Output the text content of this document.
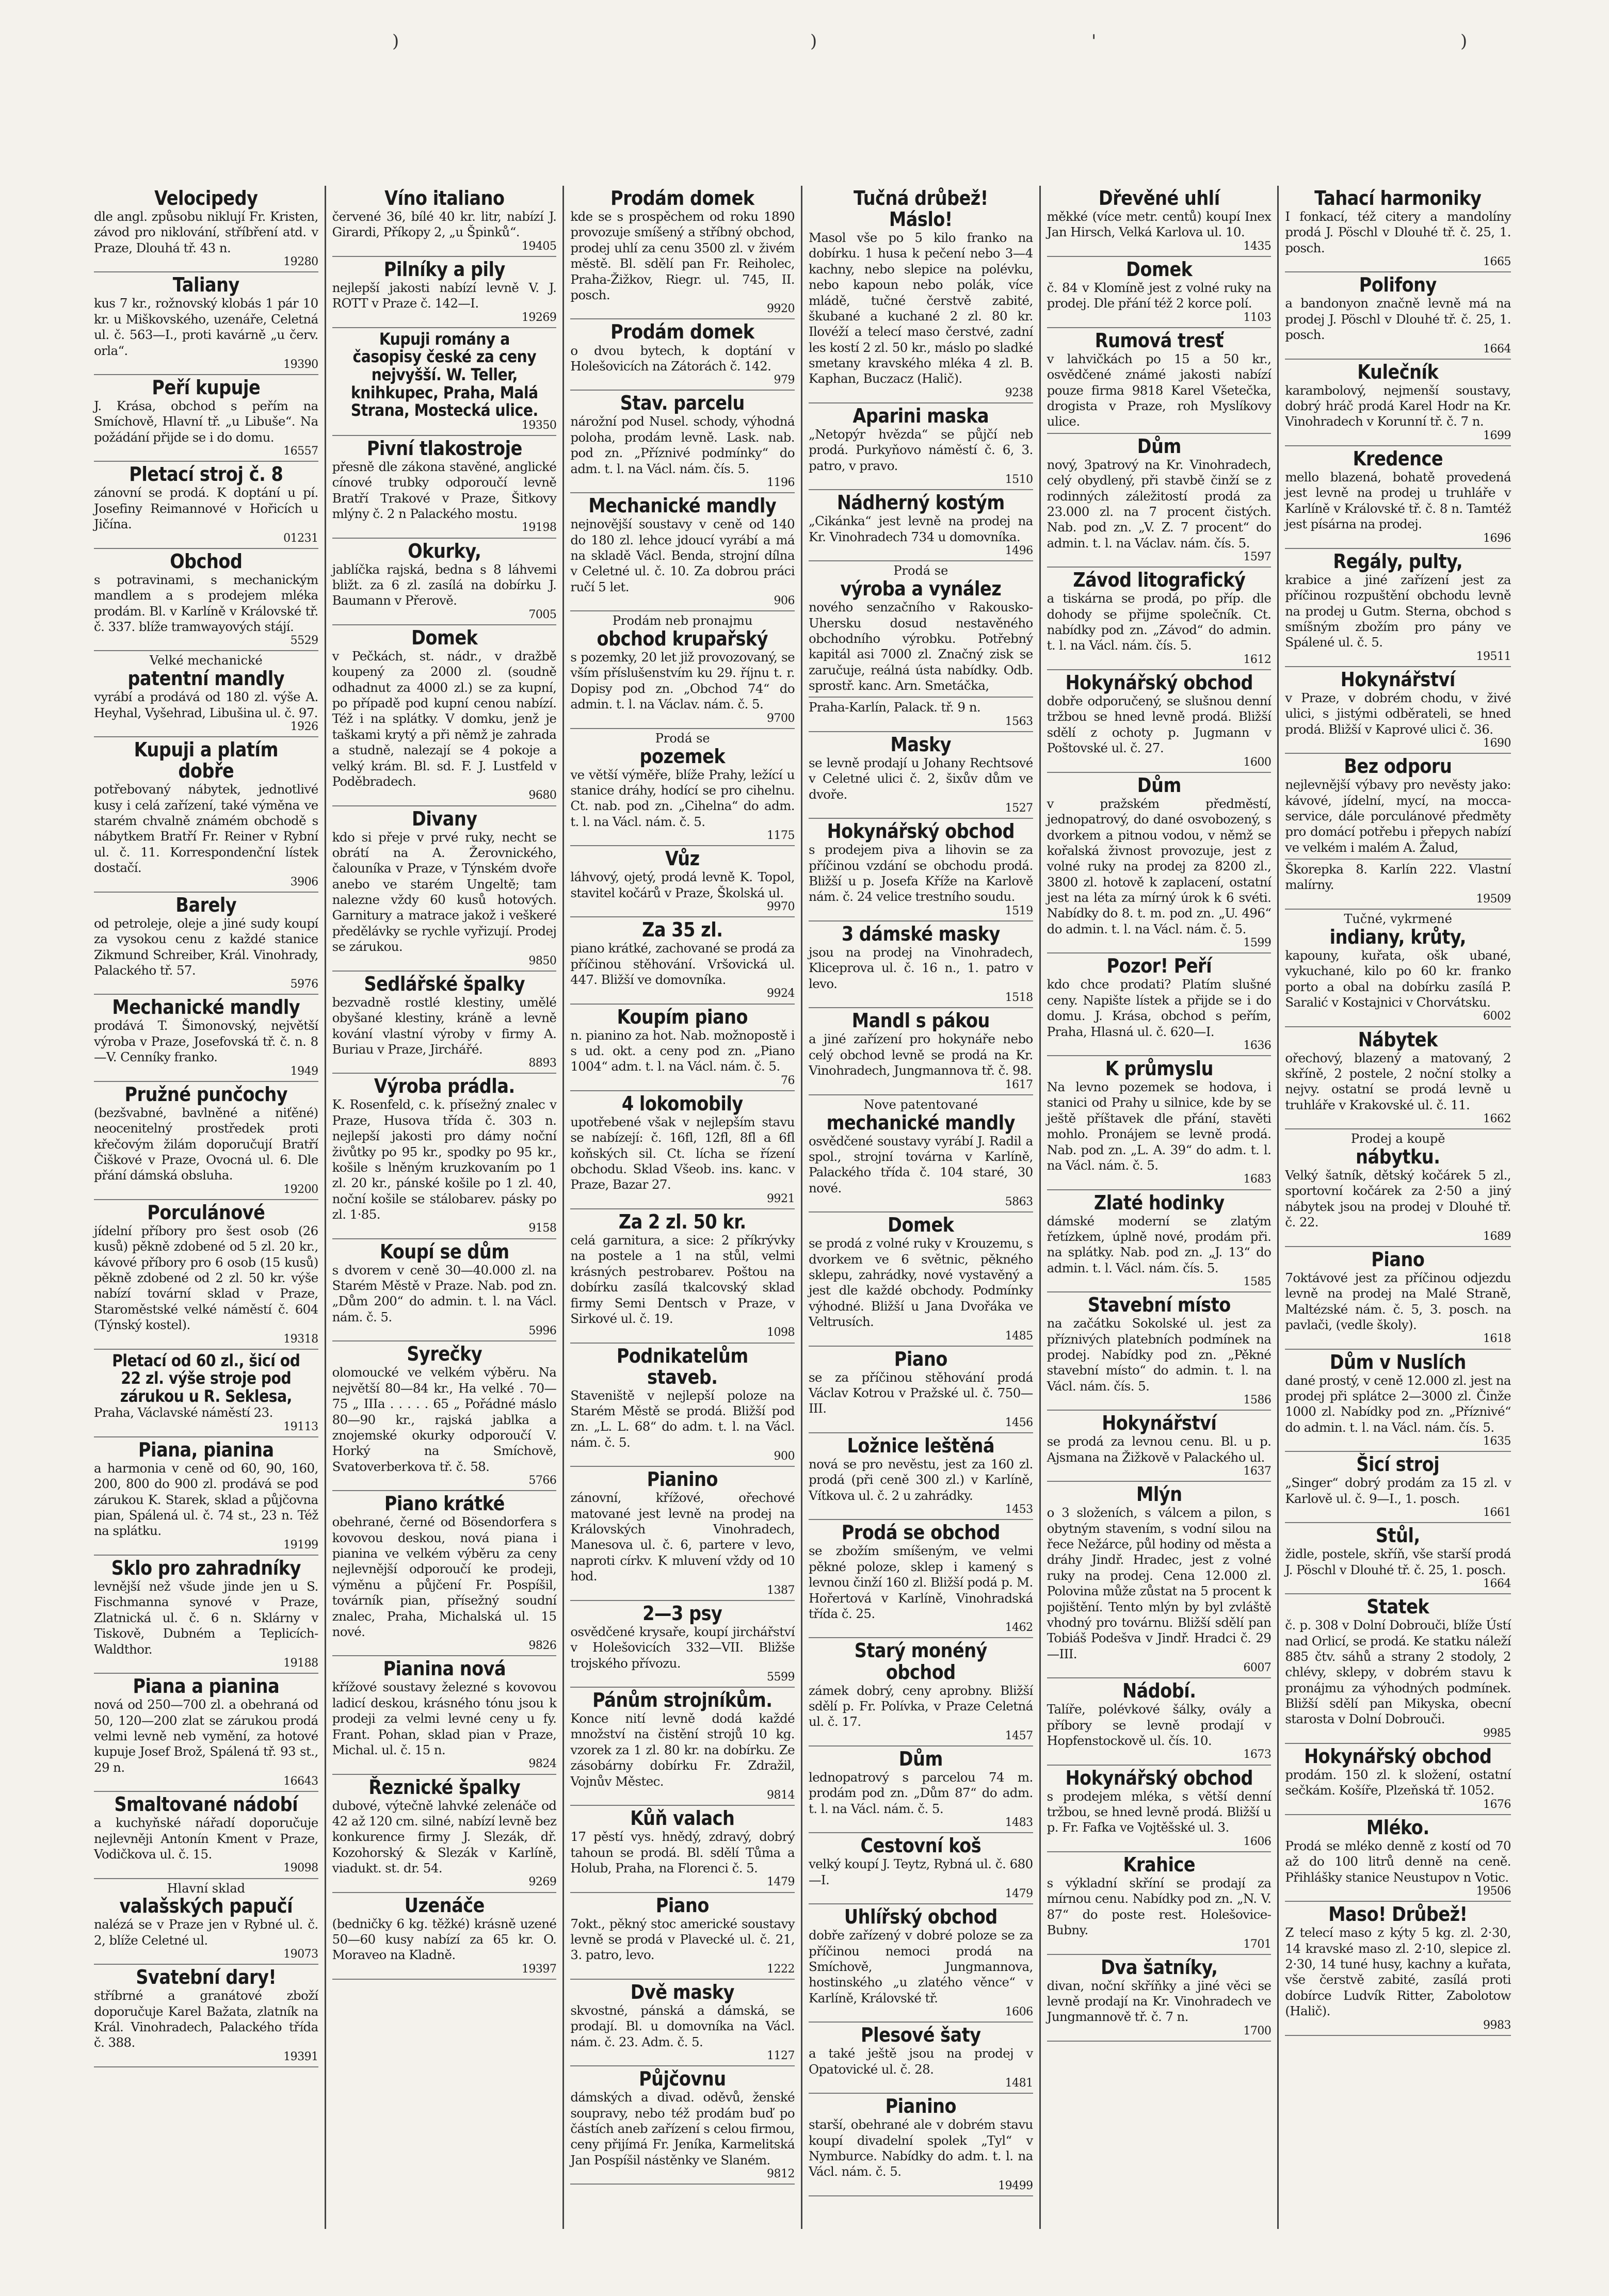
)	)	'	)
Velocipedy
dle angl. způsobu niklují Fr. Kristen, závod pro niklování, stříbření atd. v Praze, Dlouhá tř. 43 n.
19280
Taliany
kus 7 kr., rožnovský klobás 1 pár 10 kr. u Miškovského, uzenáře, Celetná ul. č. 563—I., proti kavárně „u červ. orla“.
19390
Peří kupuje
J. Krása, obchod s peřím na Smíchově, Hlavní tř. „u Libuše“. Na požádání přijde se i do domu.
16557
Pletací stroj č. 8
zánovní se prodá. K doptání u pí. Josefiny Reimannové v Hořicích u Jičína.
01231
Obchod
s potravinami, s mechanickým mandlem a s prodejem mléka prodám. Bl. v Karlíně v Královské tř. č. 337. blíže tramwayových stájí.
5529
Velké mechanické
patentní mandly
vyrábí a prodává od 180 zl. výše A. Heyhal, Vyšehrad, Libušina ul. č. 97.
1926
Kupuji a platím dobře
potřebovaný nábytek, jednotlivé kusy i celá zařízení, také výměna ve starém chvalně známém obchodě s nábytkem Bratří Fr. Reiner v Rybní ul. č. 11. Korrespondenční lístek dostačí.
3906
Barely
od petroleje, oleje a jiné sudy koupí za vysokou cenu z každé stanice Zikmund Schreiber, Král. Vinohrady, Palackého tř. 57.
5976
Mechanické mandly
prodává T. Šimonovský, největší výroba v Praze, Josefovská tř. č. n. 8—V. Cenníky franko.
1949
Pružné punčochy
(bezšvabné, bavlněné a niťěné) neocenitelný prostředek proti křečovým žilám doporučují Bratří Čiškové v Praze, Ovocná ul. 6. Dle přání dámská obsluha.
19200
Porculánové
jídelní příbory pro šest osob (26 kusů) pěkně zdobené od 5 zl. 20 kr., kávové příbory pro 6 osob (15 kusů) pěkně zdobené od 2 zl. 50 kr. výše nabízí tovární sklad v Praze, Staroměstské velké náměstí č. 604 (Týnský kostel).
19318
Pletací od 60 zl., šicí od 22 zl. výše stroje pod zárukou u R. Seklesa,
Praha, Václavské náměstí 23.
19113
Piana, pianina
a harmonia v ceně od 60, 90, 160, 200, 800 do 900 zl. prodává se pod zárukou K. Starek, sklad a půjčovna pian, Spálená ul. č. 74 st., 23 n. Též na splátku.
19199
Sklo pro zahradníky
levnější než všude jinde jen u S. Fischmanna synové v Praze, Zlatnická ul. č. 6 n. Sklárny v Tiskově, Dubném a Teplicích-Waldthor.
19188
Piana a pianina
nová od 250—700 zl. a obehraná od 50, 120—200 zlat se zárukou prodá velmi levně neb vymění, za hotové kupuje Josef Brož, Spálená tř. 93 st., 29 n.
16643
Smaltované nádobí
a kuchyňské nářadí doporučuje nejlevněji Antonín Kment v Praze, Vodičkova ul. č. 15.
19098
Hlavní sklad
valašských papučí
nalézá se v Praze jen v Rybné ul. č. 2, blíže Celetné ul.
19073
Svatební dary!
stříbrné a granátové zboží doporučuje Karel Bažata, zlatník na Král. Vinohradech, Palackého třída č. 388.
19391
Víno italiano
červené 36, bílé 40 kr. litr, nabízí J. Girardi, Příkopy 2, „u Špinků“.
19405
Pilníky a pily
nejlepší jakosti nabízí levně V. J. ROTT v Praze č. 142—I.
19269
Kupuji romány a časopisy české za ceny nejvyšší. W. Teller, knihkupec, Praha, Malá Strana, Mostecká ulice.
19350
Pivní tlakostroje
přesně dle zákona stavěné, anglické cínové trubky odporoučí levně Bratří Trakové v Praze, Šitkovy mlýny č. 2 n Palackého mostu.
19198
Okurky,
jablíčka rajská, bedna s 8 láhvemi bližt. za 6 zl. zasílá na dobírku J. Baumann v Přerově.
7005
Domek
v Pečkách, st. nádr., v dražbě koupený za 2000 zl. (soudně odhadnut za 4000 zl.) se za kupní, po případě pod kupní cenou nabízí. Též i na splátky. V domku, jenž je taškami krytý a při němž je zahrada a studně, nalezají se 4 pokoje a velký krám. Bl. sd. F. J. Lustfeld v Poděbradech.
9680
Divany
kdo si přeje v prvé ruky, necht se obrátí na A. Žerovnického, čalouníka v Praze, v Týnském dvoře anebo ve starém Ungeltě; tam nalezne vždy 60 kusů hotových. Garnitury a matrace jakož i veškeré předělávky se rychle vyřizují. Prodej se zárukou.
9850
Sedlářské špalky
bezvadně rostlé klestiny, umělé obyšané klestiny, kráně a levně kování vlastní výroby v firmy A. Buriau v Praze, Jirchářé.
8893
Výroba prádla.
K. Rosenfeld, c. k. přísežný znalec v Praze, Husova třída č. 303 n. nejlepší jakosti pro dámy noční živůtky po 95 kr., spodky po 95 kr., košile s lněným kruzkovaním po 1 zl. 20 kr., pánské košile po 1 zl. 40, noční košile se stálobarev. pásky po zl. 1·85.
9158
Koupí se dům
s dvorem v ceně 30—40.000 zl. na Starém Městě v Praze. Nab. pod zn. „Dům 200“ do admin. t. l. na Václ. nám. č. 5.
5996
Syrečky
olomoucké ve velkém výběru. Na největší 80—84 kr., Ha velké . 70—75 „ IIIa . . . . . 65 „ Pořádné máslo 80—90 kr., rajská jablka a znojemské okurky odporoučí V. Horký na Smíchově, Svatoverberkova tř. č. 58.
5766
Piano krátké
obehrané, černé od Bösendorfera s kovovou deskou, nová piana i pianina ve velkém výběru za ceny nejlevnější odporoučí ke prodeji, výměnu a půjčení Fr. Pospíšil, továrník pian, přísežný soudní znalec, Praha, Michalská ul. 15 nové.
9826
Pianina nová
křížové soustavy železné s kovovou ladicí deskou, krásného tónu jsou k prodeji za velmi levné ceny u fy. Frant. Pohan, sklad pian v Praze, Michal. ul. č. 15 n.
9824
Řeznické špalky
dubové, výtečně lahvké zelenáče od 42 až 120 cm. silné, nabízí levně bez konkurence firmy J. Slezák, dř. Kozohorský & Slezák v Karlíně, viadukt. st. dr. 54.
9269
Uzenáče
(bedničky 6 kg. těžké) krásně uzené 50—60 kusy nabízí za 65 kr. O. Moraveo na Kladně.
19397
Prodám domek
kde se s prospěchem od roku 1890 provozuje smíšený a stříbný obchod, prodej uhlí za cenu 3500 zl. v živém městě. Bl. sdělí pan Fr. Reiholec, Praha-Žižkov, Riegr. ul. 745, II. posch.
9920
Prodám domek
o dvou bytech, k doptání v Holešovicích na Zátorách č. 142.
979
Stav. parcelu
nárožní pod Nusel. schody, výhodná poloha, prodám levně. Lask. nab. pod zn. „Příznivé podmínky“ do adm. t. l. na Václ. nám. čís. 5.
1196
Mechanické mandly
nejnovější soustavy v ceně od 140 do 180 zl. lehce jdoucí vyrábí a má na skladě Václ. Benda, strojní dílna v Celetné ul. č. 10. Za dobrou práci ručí 5 let.
906
Prodám neb pronajmu
obchod krupařský
s pozemky, 20 let již provozovaný, se vším příslušenstvím ku 29. říjnu t. r. Dopisy pod zn. „Obchod 74“ do admin. t. l. na Václav. nám. č. 5.
9700
Prodá se
pozemek
ve větší výměře, blíže Prahy, ležící u stanice dráhy, hodící se pro cihelnu. Ct. nab. pod zn. „Cihelna“ do adm. t. l. na Václ. nám. č. 5.
1175
Vůz
láhvový, ojetý, prodá levně K. Topol, stavitel kočárů v Praze, Školská ul.
9970
Za 35 zl.
piano krátké, zachované se prodá za příčinou stěhování. Vršovická ul. 447. Bližší ve domovníka.
9924
Koupím piano
n. pianino za hot. Nab. možnopostě i s ud. okt. a ceny pod zn. „Piano 1004“ adm. t. l. na Václ. nám. č. 5.
76
4 lokomobily
upotřebené však v nejlepším stavu se nabízejí: č. 16fl, 12fl, 8fl a 6fl koňských sil. Ct. lícha se řízení obchodu. Sklad Všeob. ins. kanc. v Praze, Bazar 27.
9921
Za 2 zl. 50 kr.
celá garnitura, a sice: 2 příkrývky na postele a 1 na stůl, velmi krásných pestrobarev. Poštou na dobírku zasílá tkalcovský sklad firmy Semi Dentsch v Praze, v Sirkové ul. č. 19.
1098
Podnikatelům staveb.
Staveniště v nejlepší poloze na Starém Městě se prodá. Bližší pod zn. „L. L. 68“ do adm. t. l. na Václ. nám. č. 5.
900
Pianino
zánovní, křížové, ořechové matované jest levně na prodej na Královských Vinohradech, Manesova ul. č. 6, partere v levo, naproti církv. K mluvení vždy od 10 hod.
1387
2—3 psy
osvědčené krysaře, koupí jirchářství v Holešovicích 332—VII. Bližše trojského přívozu.
5599
Pánům strojníkům.
Konce nití levně dodá každé množství na čistění strojů 10 kg. vzorek za 1 zl. 80 kr. na dobírku. Ze zásobárny dobírku Fr. Zdražil, Vojnův Městec.
9814
Kůň valach
17 pěstí vys. hnědý, zdravý, dobrý tahoun se prodá. Bl. sdělí Tůma a Holub, Praha, na Florenci č. 5.
1479
Piano
7okt., pěkný stoc americké soustavy levně se prodá v Plavecké ul. č. 21, 3. patro, levo.
1222
Dvě masky
skvostné, pánská a dámská, se prodají. Bl. u domovníka na Václ. nám. č. 23. Adm. č. 5.
1127
Půjčovnu
dámských a divad. oděvů, ženské soupravy, nebo též prodám buď po částích aneb zařízení s celou firmou, ceny přijímá Fr. Jeníka, Karmelitská Jan Pospíšil nástěnky ve Slaném.
9812
Tučná drůbež! Máslo!
Masol vše po 5 kilo franko na dobírku. 1 husa k pečení nebo 3—4 kachny, nebo slepice na polévku, nebo kapoun nebo polák, více mládě, tučné čerstvě zabité, škubané a kuchané 2 zl. 80 kr. Ilovéží a telecí maso čerstvé, zadní les kostí 2 zl. 50 kr., máslo po sladké smetany kravského mléka 4 zl. B. Kaphan, Buczacz (Halič).
9238
Aparini maska
„Netopýr hvězda“ se půjčí neb prodá. Purkyňovo náměstí č. 6, 3. patro, v pravo.
1510
Nádherný kostým
„Cikánka“ jest levně na prodej na Kr. Vinohradech 734 u domovníka.
1496
Prodá se
výroba a vynález
nového senzačního v Rakousko-Uhersku dosud nestavěného obchodního výrobku. Potřebný kapitál asi 7000 zl. Značný zisk se zaručuje, reálná ústa nabídky. Odb. sprostř. kanc. Arn. Smetáčka,
Praha-Karlín, Palack. tř. 9 n.
1563
Masky
se levně prodají u Johany Rechtsové v Celetné ulici č. 2, šixův dům ve dvoře.
1527
Hokynářský obchod
s prodejem piva a lihovin se za příčinou vzdání se obchodu prodá. Bližší u p. Josefa Kříže na Karlově nám. č. 24 velice trestního soudu.
1519
3 dámské masky
jsou na prodej na Vinohradech, Kliceprova ul. č. 16 n., 1. patro v levo.
1518
Mandl s pákou
a jiné zařízení pro hokynáře nebo celý obchod levně se prodá na Kr. Vinohradech, Jungmannova tř. č. 98.
1617
Nove patentované
mechanické mandly
osvědčené soustavy vyrábí J. Radil a spol., strojní továrna v Karlíně, Palackého třída č. 104 staré, 30 nové.
5863
Domek
se prodá z volné ruky v Krouzemu, s dvorkem ve 6 světnic, pěkného sklepu, zahrádky, nové vystavěný a jest dle každé obchody. Podmínky výhodné. Bližší u Jana Dvořáka ve Veltrusích.
1485
Piano
se za příčinou stěhování prodá Václav Kotrou v Pražské ul. č. 750—III.
1456
Ložnice leštěná
nová se pro nevěstu, jest za 160 zl. prodá (při ceně 300 zl.) v Karlíně, Vítkova ul. č. 2 u zahrádky.
1453
Prodá se obchod
se zbožím smíšeným, ve velmi pěkné poloze, sklep i kamený s levnou činží 160 zl. Bližší podá p. M. Hořertová v Karlíně, Vinohradská třída č. 25.
1462
Starý monéný obchod
zámek dobrý, ceny aprobny. Bližší sdělí p. Fr. Polívka, v Praze Celetná ul. č. 17.
1457
Dům
lednopatrový s parcelou 74 m. prodám pod zn. „Dům 87“ do adm. t. l. na Václ. nám. č. 5.
1483
Cestovní koš
velký koupí J. Teytz, Rybná ul. č. 680—I.
1479
Uhlířský obchod
dobře zařízený v dobré poloze se za příčinou nemoci prodá na Smíchově, Jungmannova, hostinského „u zlatého věnce“ v Karlíně, Královské tř.
1606
Plesové šaty
a také ještě jsou na prodej v Opatovické ul. č. 28.
1481
Pianino
starší, obehrané ale v dobrém stavu koupí divadelní spolek „Tyl“ v Nymburce. Nabídky do adm. t. l. na Václ. nám. č. 5.
19499
Dřevěné uhlí
měkké (více metr. centů) koupí Inex Jan Hirsch, Velká Karlova ul. 10.
1435
Domek
č. 84 v Klomíně jest z volné ruky na prodej. Dle přání též 2 korce polí.
1103
Rumová tresť
v lahvičkách po 15 a 50 kr., osvědčené známé jakosti nabízí pouze firma 9818 Karel Všetečka, drogista v Praze, roh Myslíkovy ulice.
Dům
nový, 3patrový na Kr. Vinohradech, celý obydlený, při stavbě činží se z rodinných záležitostí prodá za 23.000 zl. na 7 procent čistých. Nab. pod zn. „V. Z. 7 procent“ do admin. t. l. na Václav. nám. čís. 5.
1597
Závod litografický
a tiskárna se prodá, po příp. dle dohody se přijme společník. Ct. nabídky pod zn. „Závod“ do admin. t. l. na Václ. nám. čís. 5.
1612
Hokynářský obchod
dobře odporučený, se slušnou denní tržbou se hned levně prodá. Bližší sdělí z ochoty p. Jugmann v Poštovské ul. č. 27.
1600
Dům
v pražském předměstí, jednopatrový, do dané osvobozený, s dvorkem a pitnou vodou, v němž se kořalská živnost provozuje, jest z volné ruky na prodej za 8200 zl., 3800 zl. hotově k zaplacení, ostatní jest na léta za mírný úrok k 6 svéti. Nabídky do 8. t. m. pod zn. „U. 496“ do admin. t. l. na Václ. nám. č. 5.
1599
Pozor! Peří
kdo chce prodati? Platím slušné ceny. Napište lístek a přijde se i do domu. J. Krása, obchod s peřím, Praha, Hlasná ul. č. 620—I.
1636
K průmyslu
Na levno pozemek se hodova, i stanici od Prahy u silnice, kde by se ještě příštavek dle přání, stavěti mohlo. Pronájem se levně prodá. Nab. pod zn. „L. A. 39“ do adm. t. l. na Václ. nám. č. 5.
1683
Zlaté hodinky
dámské moderní se zlatým řetízkem, úplně nové, prodám při. na splátky. Nab. pod zn. „J. 13“ do admin. t. l. Václ. nám. čís. 5.
1585
Stavební místo
na začátku Sokolské ul. jest za příznivých platebních podmínek na prodej. Nabídky pod zn. „Pěkné stavební místo“ do admin. t. l. na Václ. nám. čís. 5.
1586
Hokynářství
se prodá za levnou cenu. Bl. u p. Ajsmana na Žižkově v Palackého ul.
1637
Mlýn
o 3 složeních, s válcem a pilon, s obytným stavením, s vodní silou na řece Nežárce, půl hodiny od města a dráhy Jindř. Hradec, jest z volné ruky na prodej. Cena 12.000 zl. Polovina může zůstat na 5 procent k pojištění. Tento mlýn by byl zvláště vhodný pro továrnu. Bližší sdělí pan Tobiáš Podešva v Jindř. Hradci č. 29—III.
6007
Nádobí.
Talíře, polévkové šálky, ovály a příbory se levně prodají v Hopfenstockově ul. čís. 10.
1673
Hokynářský obchod
s prodejem mléka, s větší denní tržbou, se hned levně prodá. Bližší u p. Fr. Fafka ve Vojtěšské ul. 3.
1606
Krahice
s výkladní skříní se prodají za mírnou cenu. Nabídky pod zn. „N. V. 87“ do poste rest. Holešovice-Bubny.
1701
Dva šatníky,
divan, noční skříňky a jiné věci se levně prodají na Kr. Vinohradech ve Jungmannově tř. č. 7 n.
1700
Tahací harmoniky
I fonkací, též citery a mandolíny prodá J. Pöschl v Dlouhé tř. č. 25, 1. posch.
1665
Polifony
a bandonyon značně levně má na prodej J. Pöschl v Dlouhé tř. č. 25, 1. posch.
1664
Kulečník
karambolový, nejmenší soustavy, dobrý hráč prodá Karel Hodr na Kr. Vinohradech v Korunní tř. č. 7 n.
1699
Kredence
mello blazená, bohatě provedená jest levně na prodej u truhláře v Karlíně v Královské tř. č. 8 n. Tamtéž jest písárna na prodej.
1696
Regály, pulty,
krabice a jiné zařízení jest za příčinou rozpuštění obchodu levně na prodej u Gutm. Sterna, obchod s smíšným zbožím pro pány ve Spálené ul. č. 5.
19511
Hokynářství
v Praze, v dobrém chodu, v živé ulici, s jistými odběrateli, se hned prodá. Bližší v Kaprové ulici č. 36.
1690
Bez odporu
nejlevnější výbavy pro nevěsty jako: kávové, jídelní, mycí, na mocca-service, dále porculánové předměty pro domácí potřebu i přepych nabízí ve velkém i malém A. Žalud,
Škorepka 8. Karlín 222. Vlastní malírny.
19509
Tučné, vykrmené
indiany, krůty,
kapouny, kuřata, ošk ubané, vykuchané, kilo po 60 kr. franko porto a obal na dobírku zasílá P. Saralić v Kostajnici v Chorvátsku.
6002
Nábytek
ořechový, blazený a matovaný, 2 skříně, 2 postele, 2 noční stolky a nejvy. ostatní se prodá levně u truhláře v Krakovské ul. č. 11.
1662
Prodej a koupě
nábytku.
Velký šatník, dětský kočárek 5 zl., sportovní kočárek za 2·50 a jiný nábytek jsou na prodej v Dlouhé tř. č. 22.
1689
Piano
7oktávové jest za příčinou odjezdu levně na prodej na Malé Straně, Maltézské nám. č. 5, 3. posch. na pavlači, (vedle školy).
1618
Dům v Nuslích
dané prostý, v ceně 12.000 zl. jest na prodej při splátce 2—3000 zl. Činže 1000 zl. Nabídky pod zn. „Příznivé“ do admin. t. l. na Václ. nám. čís. 5.
1635
Šicí stroj
„Singer“ dobrý prodám za 15 zl. v Karlově ul. č. 9—I., 1. posch.
1661
Stůl,
židle, postele, skříň, vše starší prodá J. Pöschl v Dlouhé tř. č. 25, 1. posch.
1664
Statek
č. p. 308 v Dolní Dobrouči, blíže Ústí nad Orlicí, se prodá. Ke statku náleží 885 čtv. sáhů a strany 2 stodoly, 2 chlévy, sklepy, v dobrém stavu k pronájmu za výhodných podmínek. Bližší sdělí pan Mikyska, obecní starosta v Dolní Dobrouči.
9985
Hokynářský obchod
prodám. 150 zl. k složení, ostatní sečkám. Košíře, Plzeňská tř. 1052.
1676
Mléko.
Prodá se mléko denně z kostí od 70 až do 100 litrů denně na ceně. Přihlášky stanice Neustupov n Votic.
19506
Maso! Drůbež!
Z telecí maso z kýty 5 kg. zl. 2·30, 14 kravské maso zl. 2·10, slepice zl. 2·30, 14 tuné husy, kachny a kuřata, vše čerstvě zabité, zasílá proti dobírce Ludvík Ritter, Zabolotow (Halič).
9983
